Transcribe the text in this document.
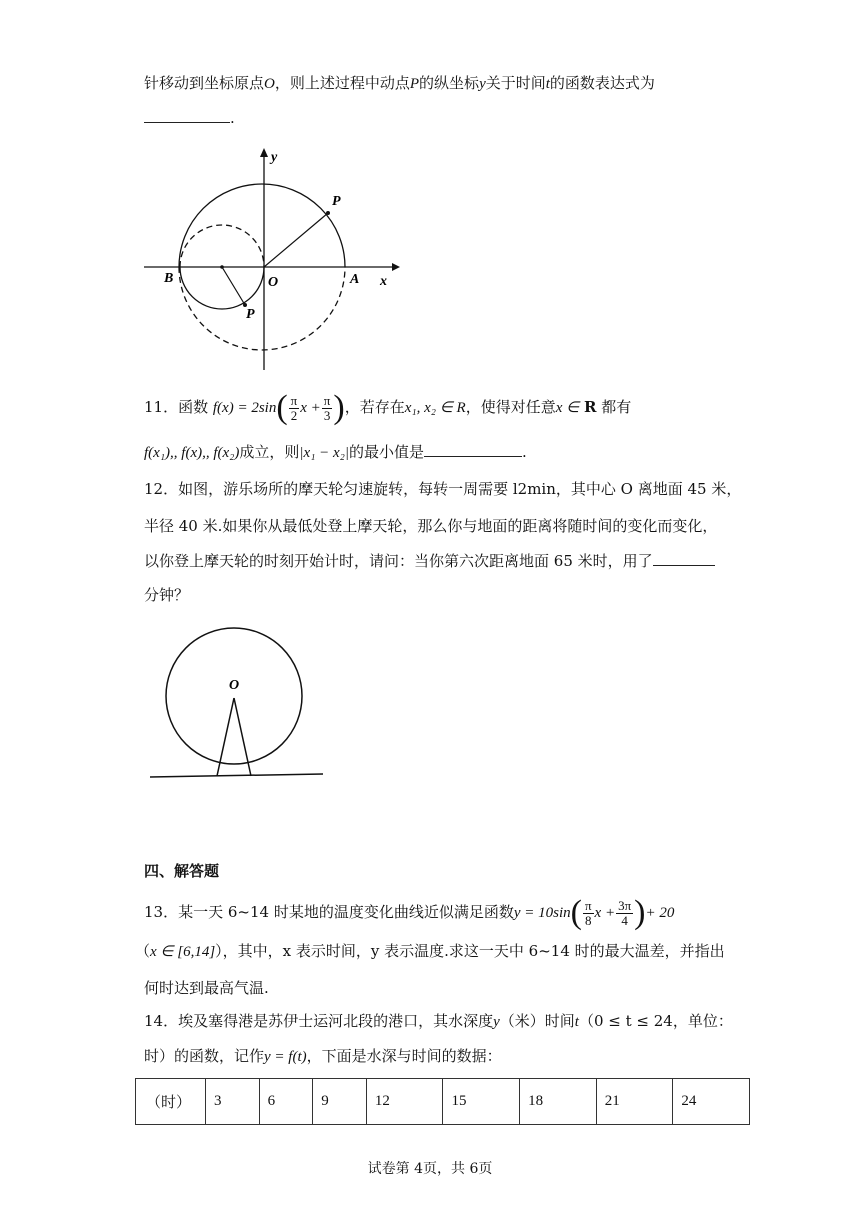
针移动到坐标原点O，则上述过程中动点P的纵坐标y关于时间t的函数表达式为
.
y
x
B	O	A
P
P
11．函数 $f(x) = 2\sin( \frac{\pi}{2}$ $x + \frac{\pi}{3}$ )，若存在x₁, x₂ ∈ R，使得对任意x ∈ R 都有
f(x₁),, f(x),, f(x₂)成立，则|x₁ − x₂|的最小值是	.
12．如图，游乐场所的摩天轮匀速旋转，每转一周需要 l2min，其中心 O 离地面 45 米，
半径 40 米.如果你从最低处登上摩天轮，那么你与地面的距离将随时间的变化而变化，
以你登上摩天轮的时刻开始计时，请问：当你第六次距离地面 65 米时，用了
分钟？
O
四、解答题
13．某一天 6~14 时某地的温度变化曲线近似满足函数$y = 10\sin( \frac{\pi}{8}$ $x + \frac{3\pi}{4}$ )+ 20
（x ∈ [6,14]），其中，x 表示时间，y 表示温度.求这一天中 6~14 时的最大温差，并指出
何时达到最高气温.
14．埃及塞得港是苏伊士运河北段的港口，其水深度y（米）时间t（0 ≤ t ≤ 24，单位：
时）的函数，记作y = f(t)，下面是水深与时间的数据：
（时）	3	6	9	12	15	18	21	24
试卷第 4页，共 6页
